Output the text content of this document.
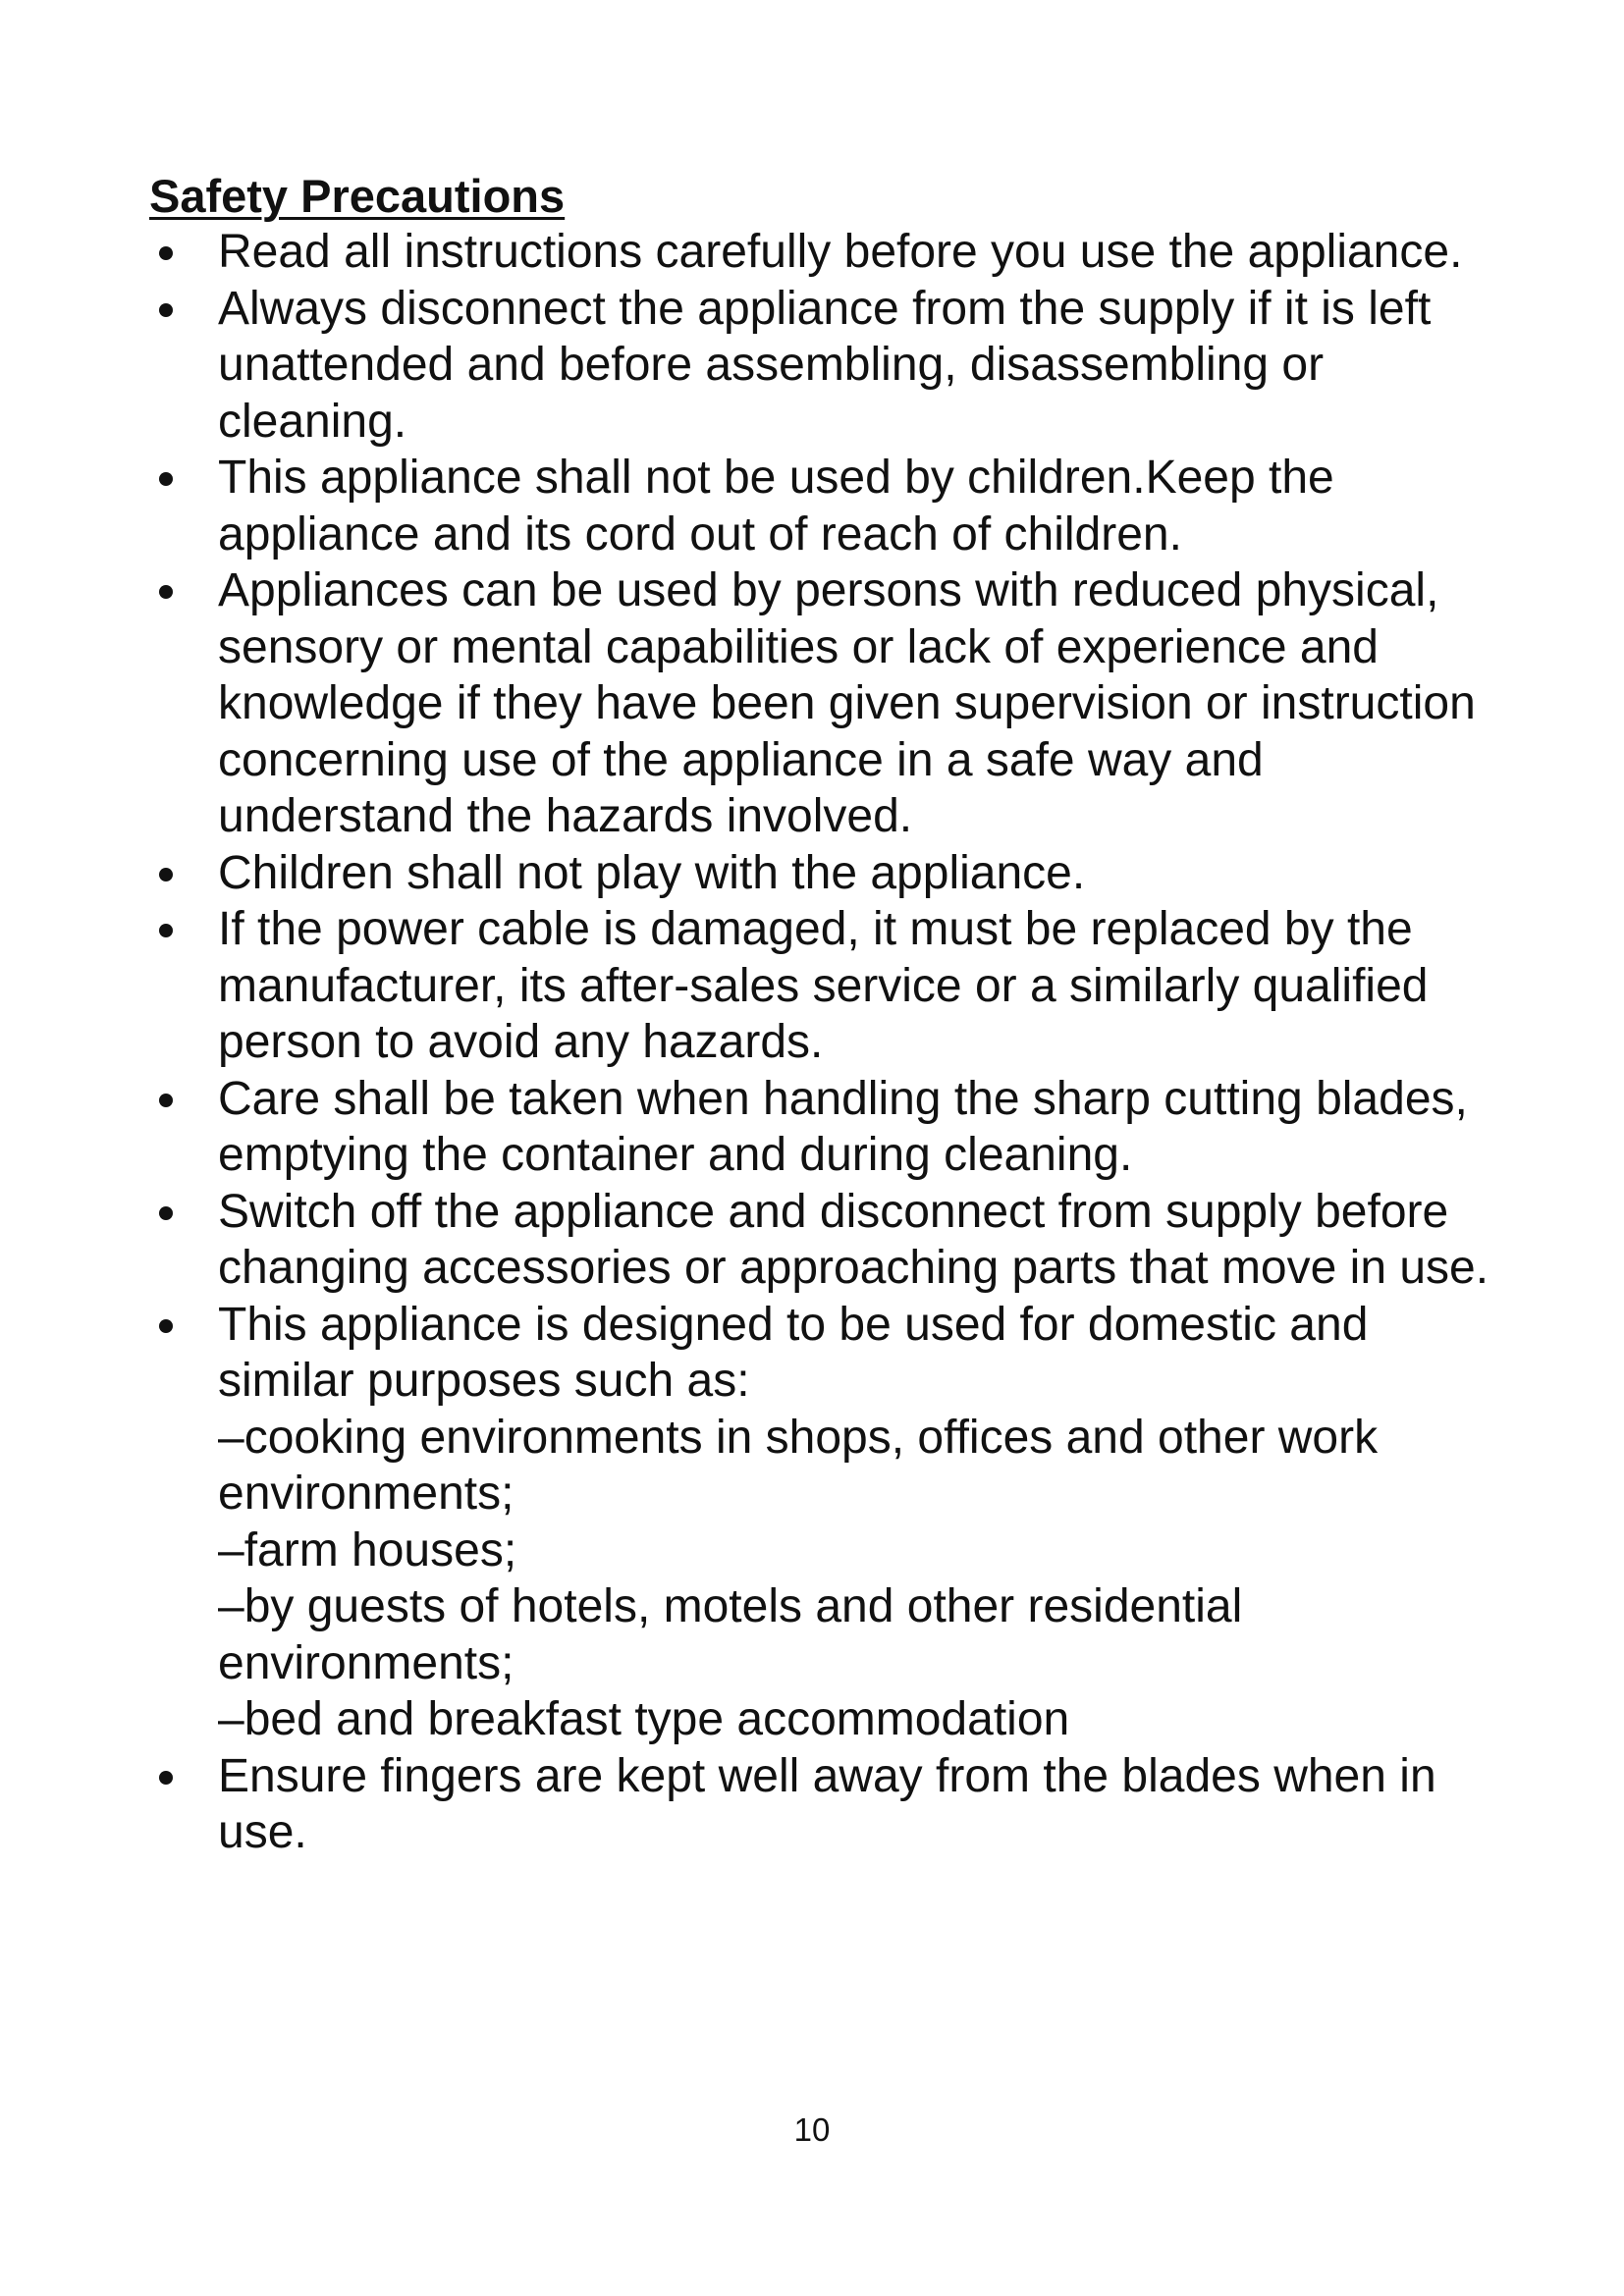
Safety Precautions
Read all instructions carefully before you use the appliance.
Always disconnect the appliance from the supply if it is left unattended and before assembling, disassembling or cleaning.
This appliance shall not be used by children.Keep the appliance and its cord out of reach of children.
Appliances can be used by persons with reduced physical, sensory or mental capabilities or lack of experience and knowledge if they have been given supervision or instruction concerning use of the appliance in a safe way and understand the hazards involved.
Children shall not play with the appliance.
If the power cable is damaged, it must be replaced by the manufacturer, its after-sales service or a similarly qualified person to avoid any hazards.
Care shall be taken when handling the sharp cutting blades, emptying the container and during cleaning.
Switch off the appliance and disconnect from supply before changing accessories or approaching parts that move in use.
This appliance is designed to be used for domestic and similar purposes such as:
–cooking environments in shops, offices and other work environments;
–farm houses;
–by guests of hotels, motels and other residential environments;
–bed and breakfast type accommodation
Ensure fingers are kept well away from the blades when in use.
10
